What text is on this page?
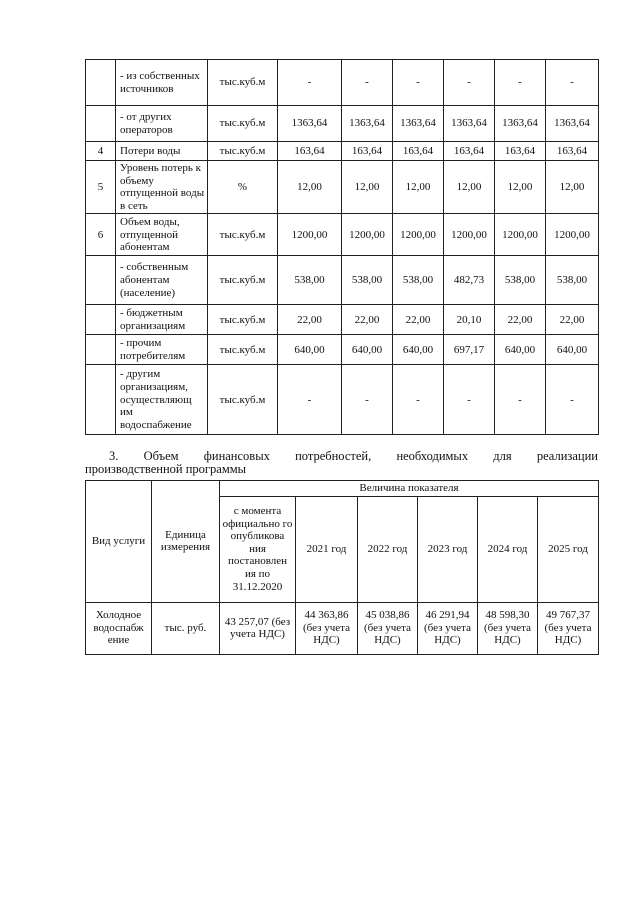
	- из собственных источников	тыс.куб.м	-	-	-	-	-	-
	- от других операторов	тыс.куб.м	1363,64	1363,64	1363,64	1363,64	1363,64	1363,64
4	Потери воды	тыс.куб.м	163,64	163,64	163,64	163,64	163,64	163,64
5	Уровень потерь к объему отпущенной воды в сеть	%	12,00	12,00	12,00	12,00	12,00	12,00
6	Объем воды, отпущенной абонентам	тыс.куб.м	1200,00	1200,00	1200,00	1200,00	1200,00	1200,00
	- собственным абонентам (население)	тыс.куб.м	538,00	538,00	538,00	482,73	538,00	538,00
	- бюджетным организациям	тыс.куб.м	22,00	22,00	22,00	20,10	22,00	22,00
	- прочим потребителям	тыс.куб.м	640,00	640,00	640,00	697,17	640,00	640,00
	- другим организациям, осуществляющ им водоспабжение	тыс.куб.м	-	-	-	-	-	-
3. Объем финансовых потребностей, необходимых для реализации
производственной программы
Вид услуги	Единица измерения	Величина показателя					
		с момента официально го опубликова ния постановлен ия по 31.12.2020	2021 год	2022 год	2023 год	2024 год	2025 год
Холодное водоспабж ение	тыс. руб.	43 257,07 (без учета НДС)	44 363,86 (без учета НДС)	45 038,86 (без учета НДС)	46 291,94 (без учета НДС)	48 598,30 (без учета НДС)	49 767,37 (без учета НДС)
